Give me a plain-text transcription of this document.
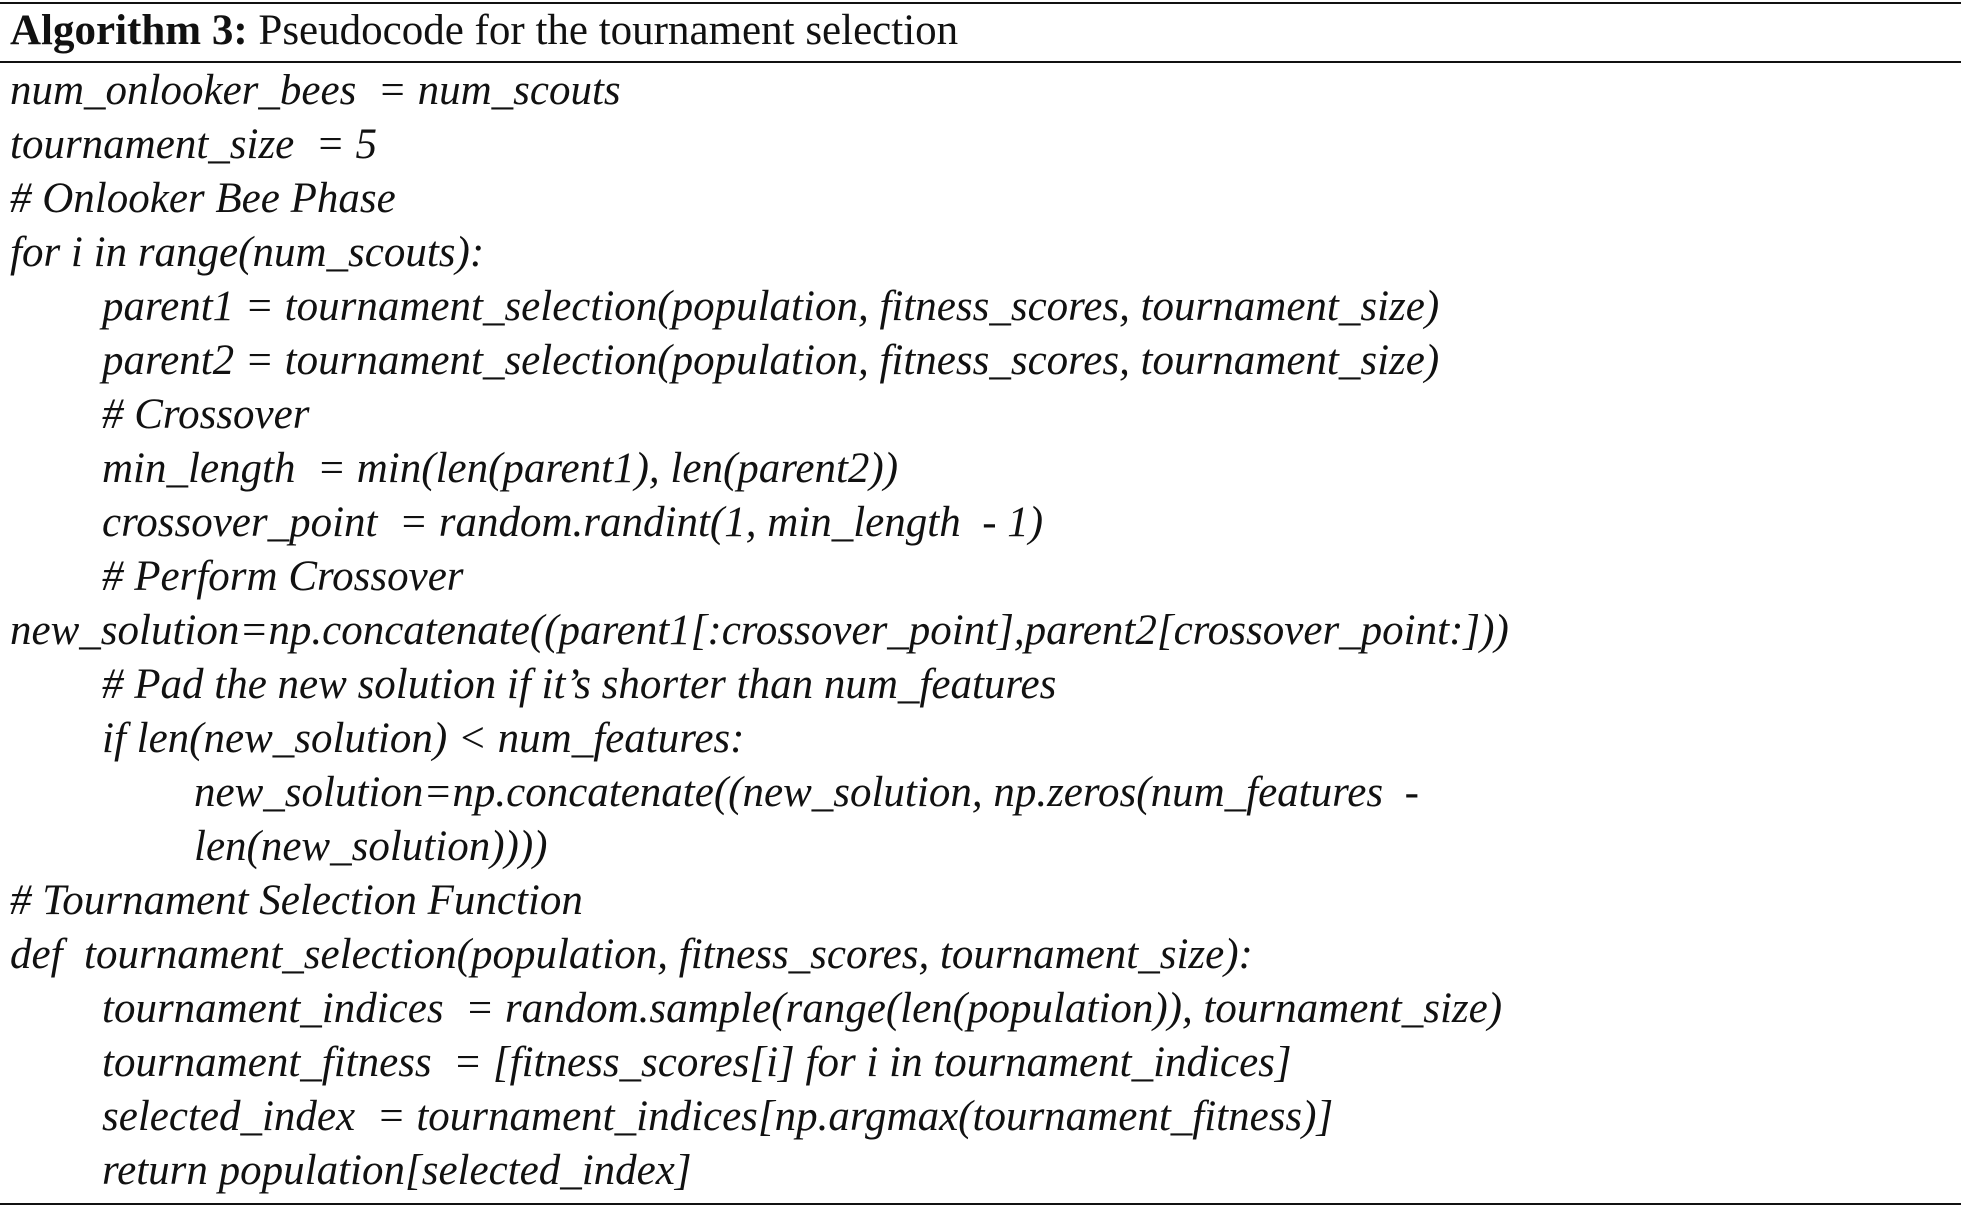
Algorithm 3: Pseudocode for the tournament selection
num_onlooker_bees  = num_scouts
tournament_size  = 5
# Onlooker Bee Phase
for i in range(num_scouts):
parent1 = tournament_selection(population, fitness_scores, tournament_size)
parent2 = tournament_selection(population, fitness_scores, tournament_size)
# Crossover
min_length  = min(len(parent1), len(parent2))
crossover_point  = random.randint(1, min_length  - 1)
# Perform Crossover
new_solution=np.concatenate((parent1[:crossover_point],parent2[crossover_point:]))
# Pad the new solution if it’s shorter than num_features
if len(new_solution) < num_features:
new_solution=np.concatenate((new_solution, np.zeros(num_features  -
len(new_solution))))
# Tournament Selection Function
def  tournament_selection(population, fitness_scores, tournament_size):
tournament_indices  = random.sample(range(len(population)), tournament_size)
tournament_fitness  = [fitness_scores[i] for i in tournament_indices]
selected_index  = tournament_indices[np.argmax(tournament_fitness)]
return population[selected_index]
